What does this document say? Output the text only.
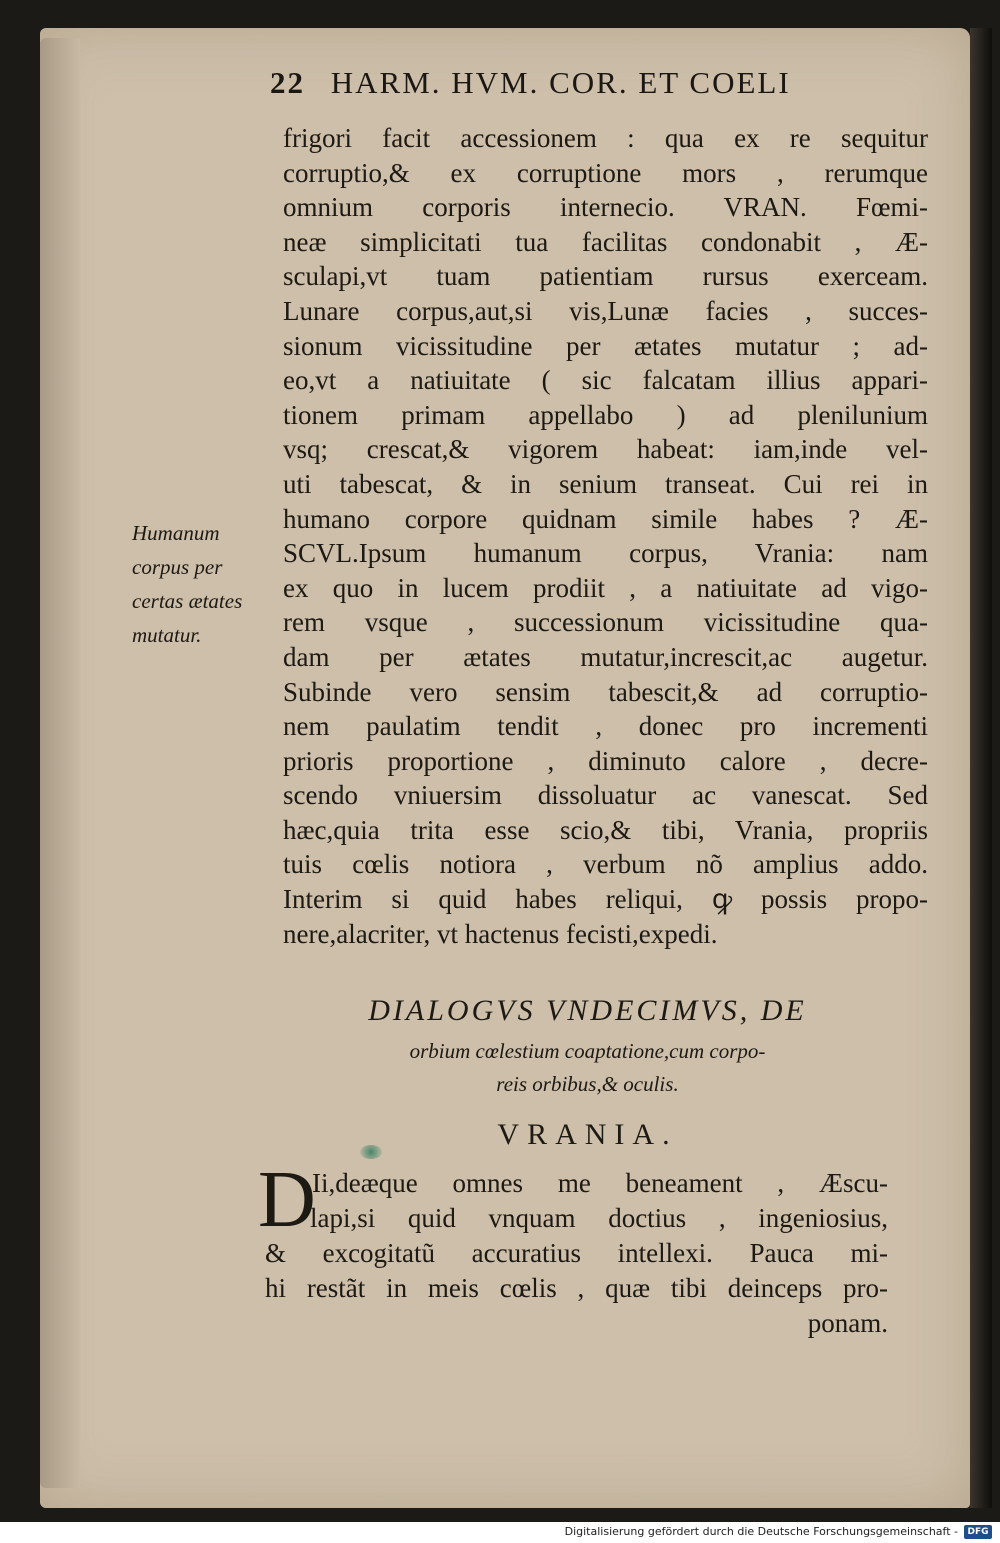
22 HARM. HVM. COR. ET COELI
frigori facit accessionem : qua ex re sequitur
corruptio,& ex corruptione mors , rerumque
omnium corporis internecio. VRAN. Fœmi-
neæ simplicitati tua facilitas condonabit , Æ-
sculapi,vt tuam patientiam rursus exerceam.
Lunare corpus,aut,si vis,Lunæ facies , succes-
sionum vicissitudine per ætates mutatur ; ad-
eo,vt a natiuitate ( sic falcatam illius appari-
tionem primam appellabo ) ad plenilunium
vsq; crescat,& vigorem habeat: iam,inde vel-
uti tabescat, & in senium transeat. Cui rei in
humano corpore quidnam simile habes ? Æ-
SCVL.Ipsum humanum corpus, Vrania: nam
ex quo in lucem prodiit , a natiuitate ad vigo-
rem vsque , successionum vicissitudine qua-
dam per ætates mutatur,increscit,ac augetur.
Subinde vero sensim tabescit,& ad corruptio-
nem paulatim tendit , donec pro incrementi
prioris proportione , diminuto calore , decre-
scendo vniuersim dissoluatur ac vanescat. Sed
hæc,quia trita esse scio,& tibi, Vrania, propriis
tuis cœlis notiora , verbum nõ amplius addo.
Interim si quid habes reliqui, ꝙ possis propo-
nere,alacriter, vt hactenus fecisti,expedi.
Humanum
corpus per
certas ætates
mutatur.
DIALOGVS VNDECIMVS, DE
orbium cœlestium coaptatione,cum corpo-
reis orbibus,& oculis.
VRANIA.
D
Ii,deæque omnes me beneament , Æscu-
lapi,si quid vnquam doctius , ingeniosius,
& excogitatũ accuratius intellexi. Pauca mi-
hi restãt in meis cœlis , quæ tibi deinceps pro-
ponam.
Digitalisierung gefördert durch die Deutsche Forschungsgemeinschaft -	DFG
